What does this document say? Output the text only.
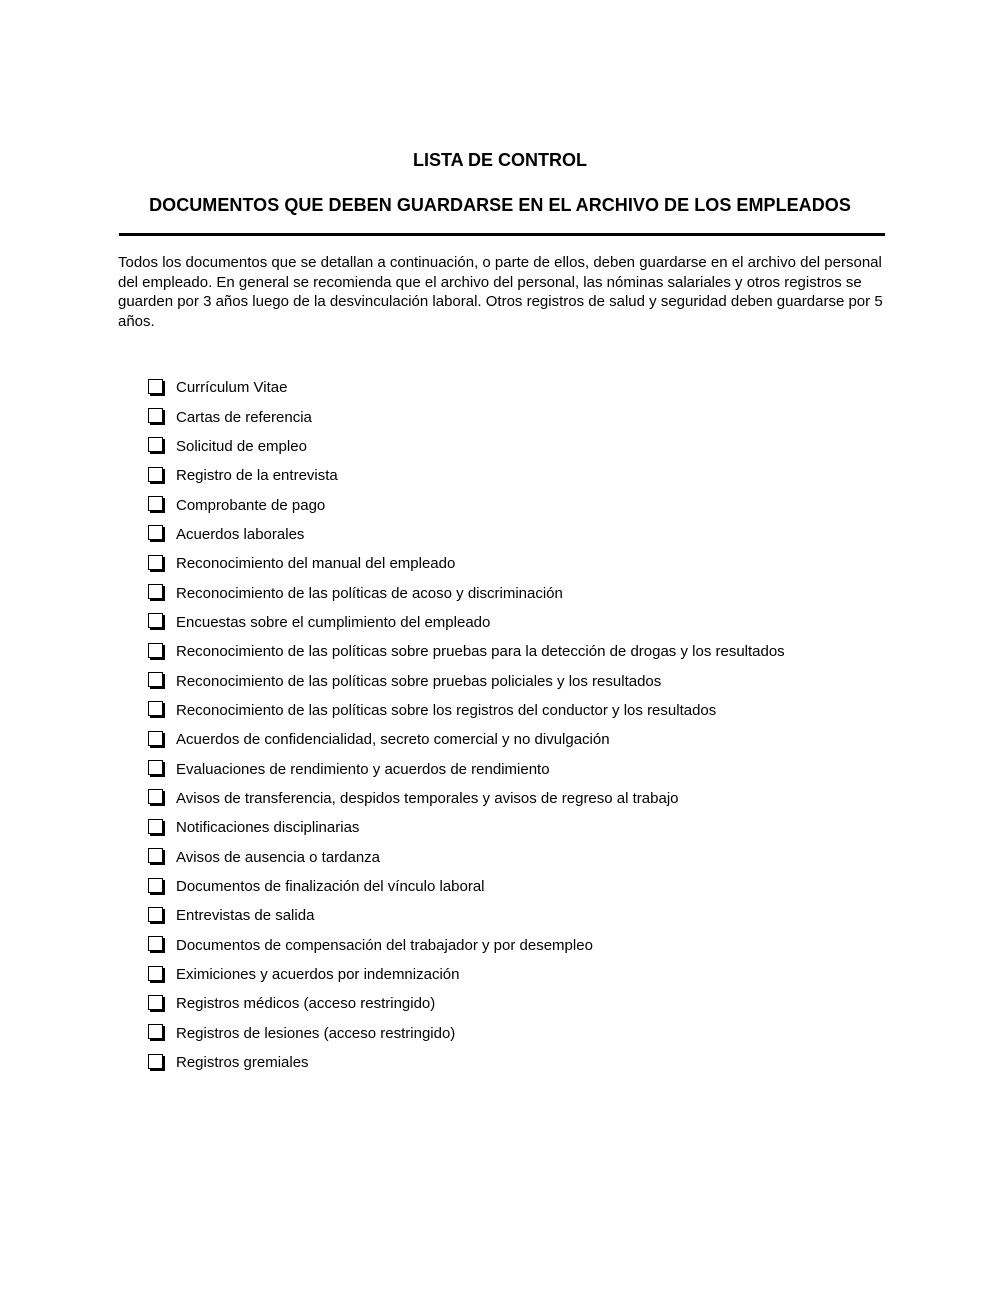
LISTA DE CONTROL
DOCUMENTOS QUE DEBEN GUARDARSE EN EL ARCHIVO DE LOS EMPLEADOS

Todos los documentos que se detallan a continuación, o parte de ellos, deben guardarse en el archivo del personal del empleado. En general se recomienda que el archivo del personal, las nóminas salariales y otros registros se guarden por 3 años luego de la desvinculación laboral. Otros registros de salud y seguridad deben guardarse por 5 años.

Currículum Vitae
Cartas de referencia
Solicitud de empleo
Registro de la entrevista
Comprobante de pago
Acuerdos laborales
Reconocimiento del manual del empleado
Reconocimiento de las políticas de acoso y discriminación
Encuestas sobre el cumplimiento del empleado
Reconocimiento de las políticas sobre pruebas para la detección de drogas y los resultados
Reconocimiento de las políticas sobre pruebas policiales y los resultados
Reconocimiento de las políticas sobre los registros del conductor y los resultados
Acuerdos de confidencialidad, secreto comercial y no divulgación
Evaluaciones de rendimiento y acuerdos de rendimiento
Avisos de transferencia, despidos temporales y avisos de regreso al trabajo
Notificaciones disciplinarias
Avisos de ausencia o tardanza
Documentos de finalización del vínculo laboral
Entrevistas de salida
Documentos de compensación del trabajador y por desempleo
Eximiciones y acuerdos por indemnización
Registros médicos (acceso restringido)
Registros de lesiones (acceso restringido)
Registros gremiales
